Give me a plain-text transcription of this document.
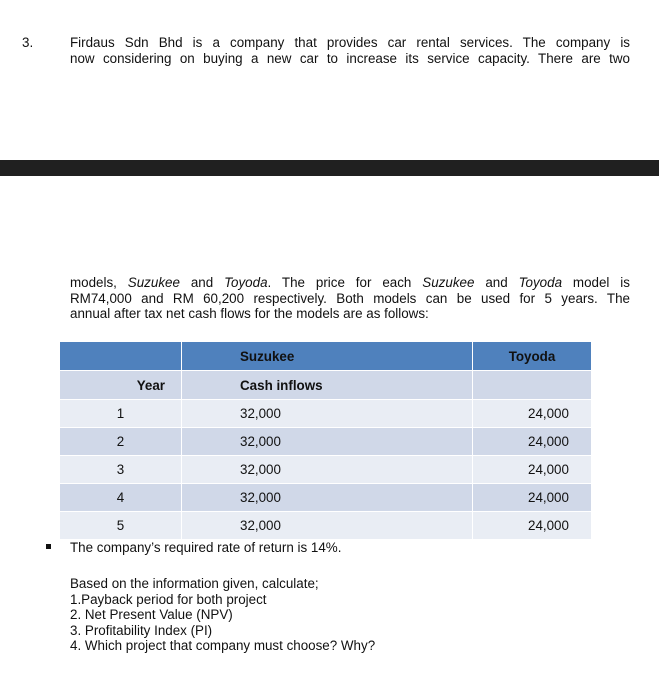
3.	Firdaus Sdn Bhd is a company that provides car rental services. The company is
now considering on buying a new car to increase its service capacity. There are two
models, Suzukee and Toyoda. The price for each Suzukee and Toyoda model is
RM74,000 and RM 60,200 respectively. Both models can be used for 5 years. The
annual after tax net cash flows for the models are as follows:
	Suzukee	Toyoda
Year	Cash inflows	
1	32,000	24,000
2	32,000	24,000
3	32,000	24,000
4	32,000	24,000
5	32,000	24,000
The company’s required rate of return is 14%.
Based on the information given, calculate;
1.Payback period for both project
2. Net Present Value (NPV)
3. Profitability Index (PI)
4. Which project that company must choose? Why?
